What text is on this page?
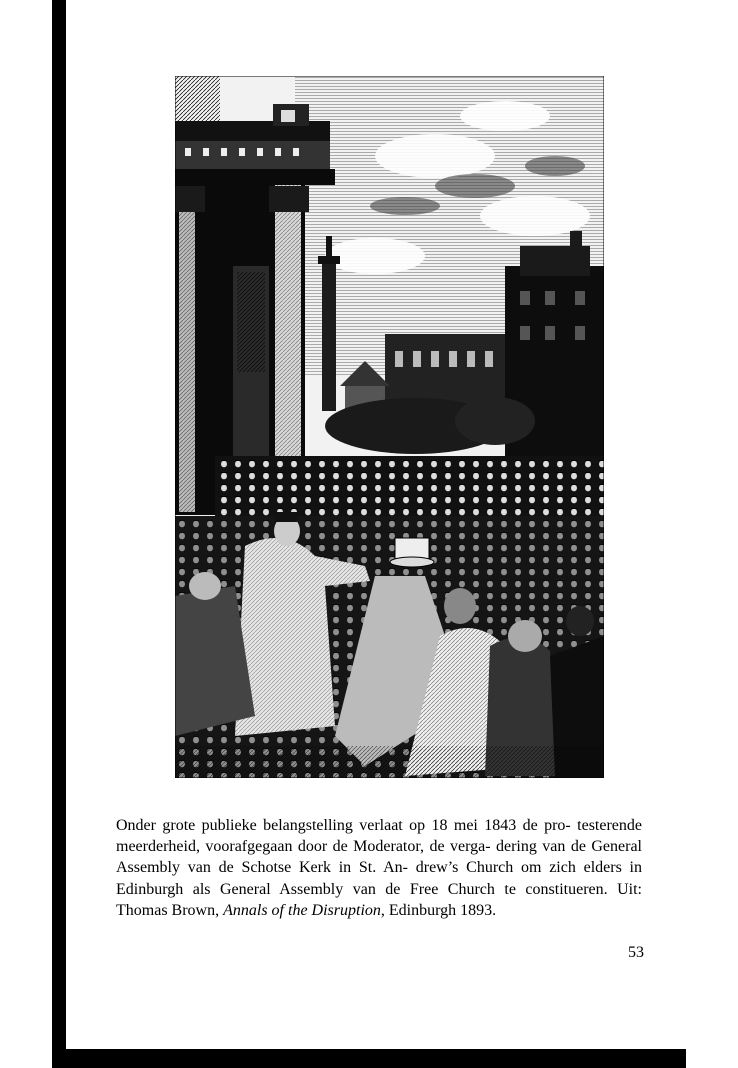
Onder grote publieke belangstelling verlaat op 18 mei 1843 de pro- testerende meerderheid, voorafgegaan door de Moderator, de verga- dering van de General Assembly van de Schotse Kerk in St. An- drew’s Church om zich elders in Edinburgh als General Assembly van de Free Church te constitueren. Uit: Thomas Brown, Annals of the Disruption, Edinburgh 1893.

53
